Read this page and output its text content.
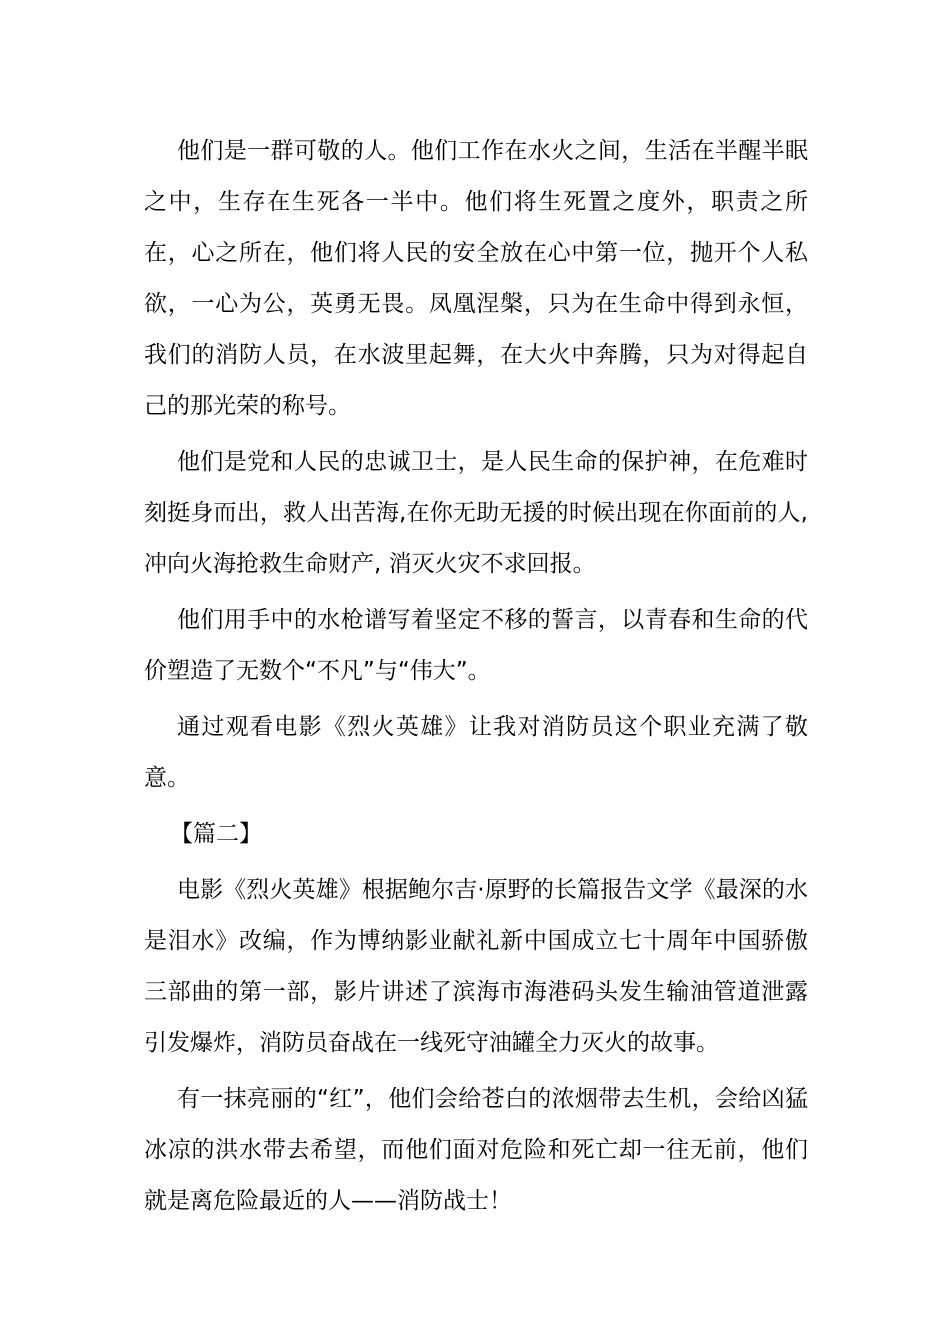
他们是一群可敬的人。他们工作在水火之间，生活在半醒半眠之中，生存在生死各一半中。他们将生死置之度外，职责之所在，心之所在，他们将人民的安全放在心中第一位，抛开个人私欲，一心为公，英勇无畏。凤凰涅槃，只为在生命中得到永恒，我们的消防人员，在水波里起舞，在大火中奔腾，只为对得起自己的那光荣的称号。

他们是党和人民的忠诚卫士，是人民生命的保护神，在危难时刻挺身而出，救人出苦海,在你无助无援的时候出现在你面前的人,冲向火海抢救生命财产, 消灭火灾不求回报。

他们用手中的水枪谱写着坚定不移的誓言，以青春和生命的代价塑造了无数个“不凡”与“伟大”。

通过观看电影《烈火英雄》让我对消防员这个职业充满了敬意。

【篇二】

电影《烈火英雄》根据鲍尔吉·原野的长篇报告文学《最深的水是泪水》改编，作为博纳影业献礼新中国成立七十周年中国骄傲三部曲的第一部，影片讲述了滨海市海港码头发生输油管道泄露引发爆炸，消防员奋战在一线死守油罐全力灭火的故事。

有一抹亮丽的“红”，他们会给苍白的浓烟带去生机，会给凶猛冰凉的洪水带去希望，而他们面对危险和死亡却一往无前，他们就是离危险最近的人——消防战士！
